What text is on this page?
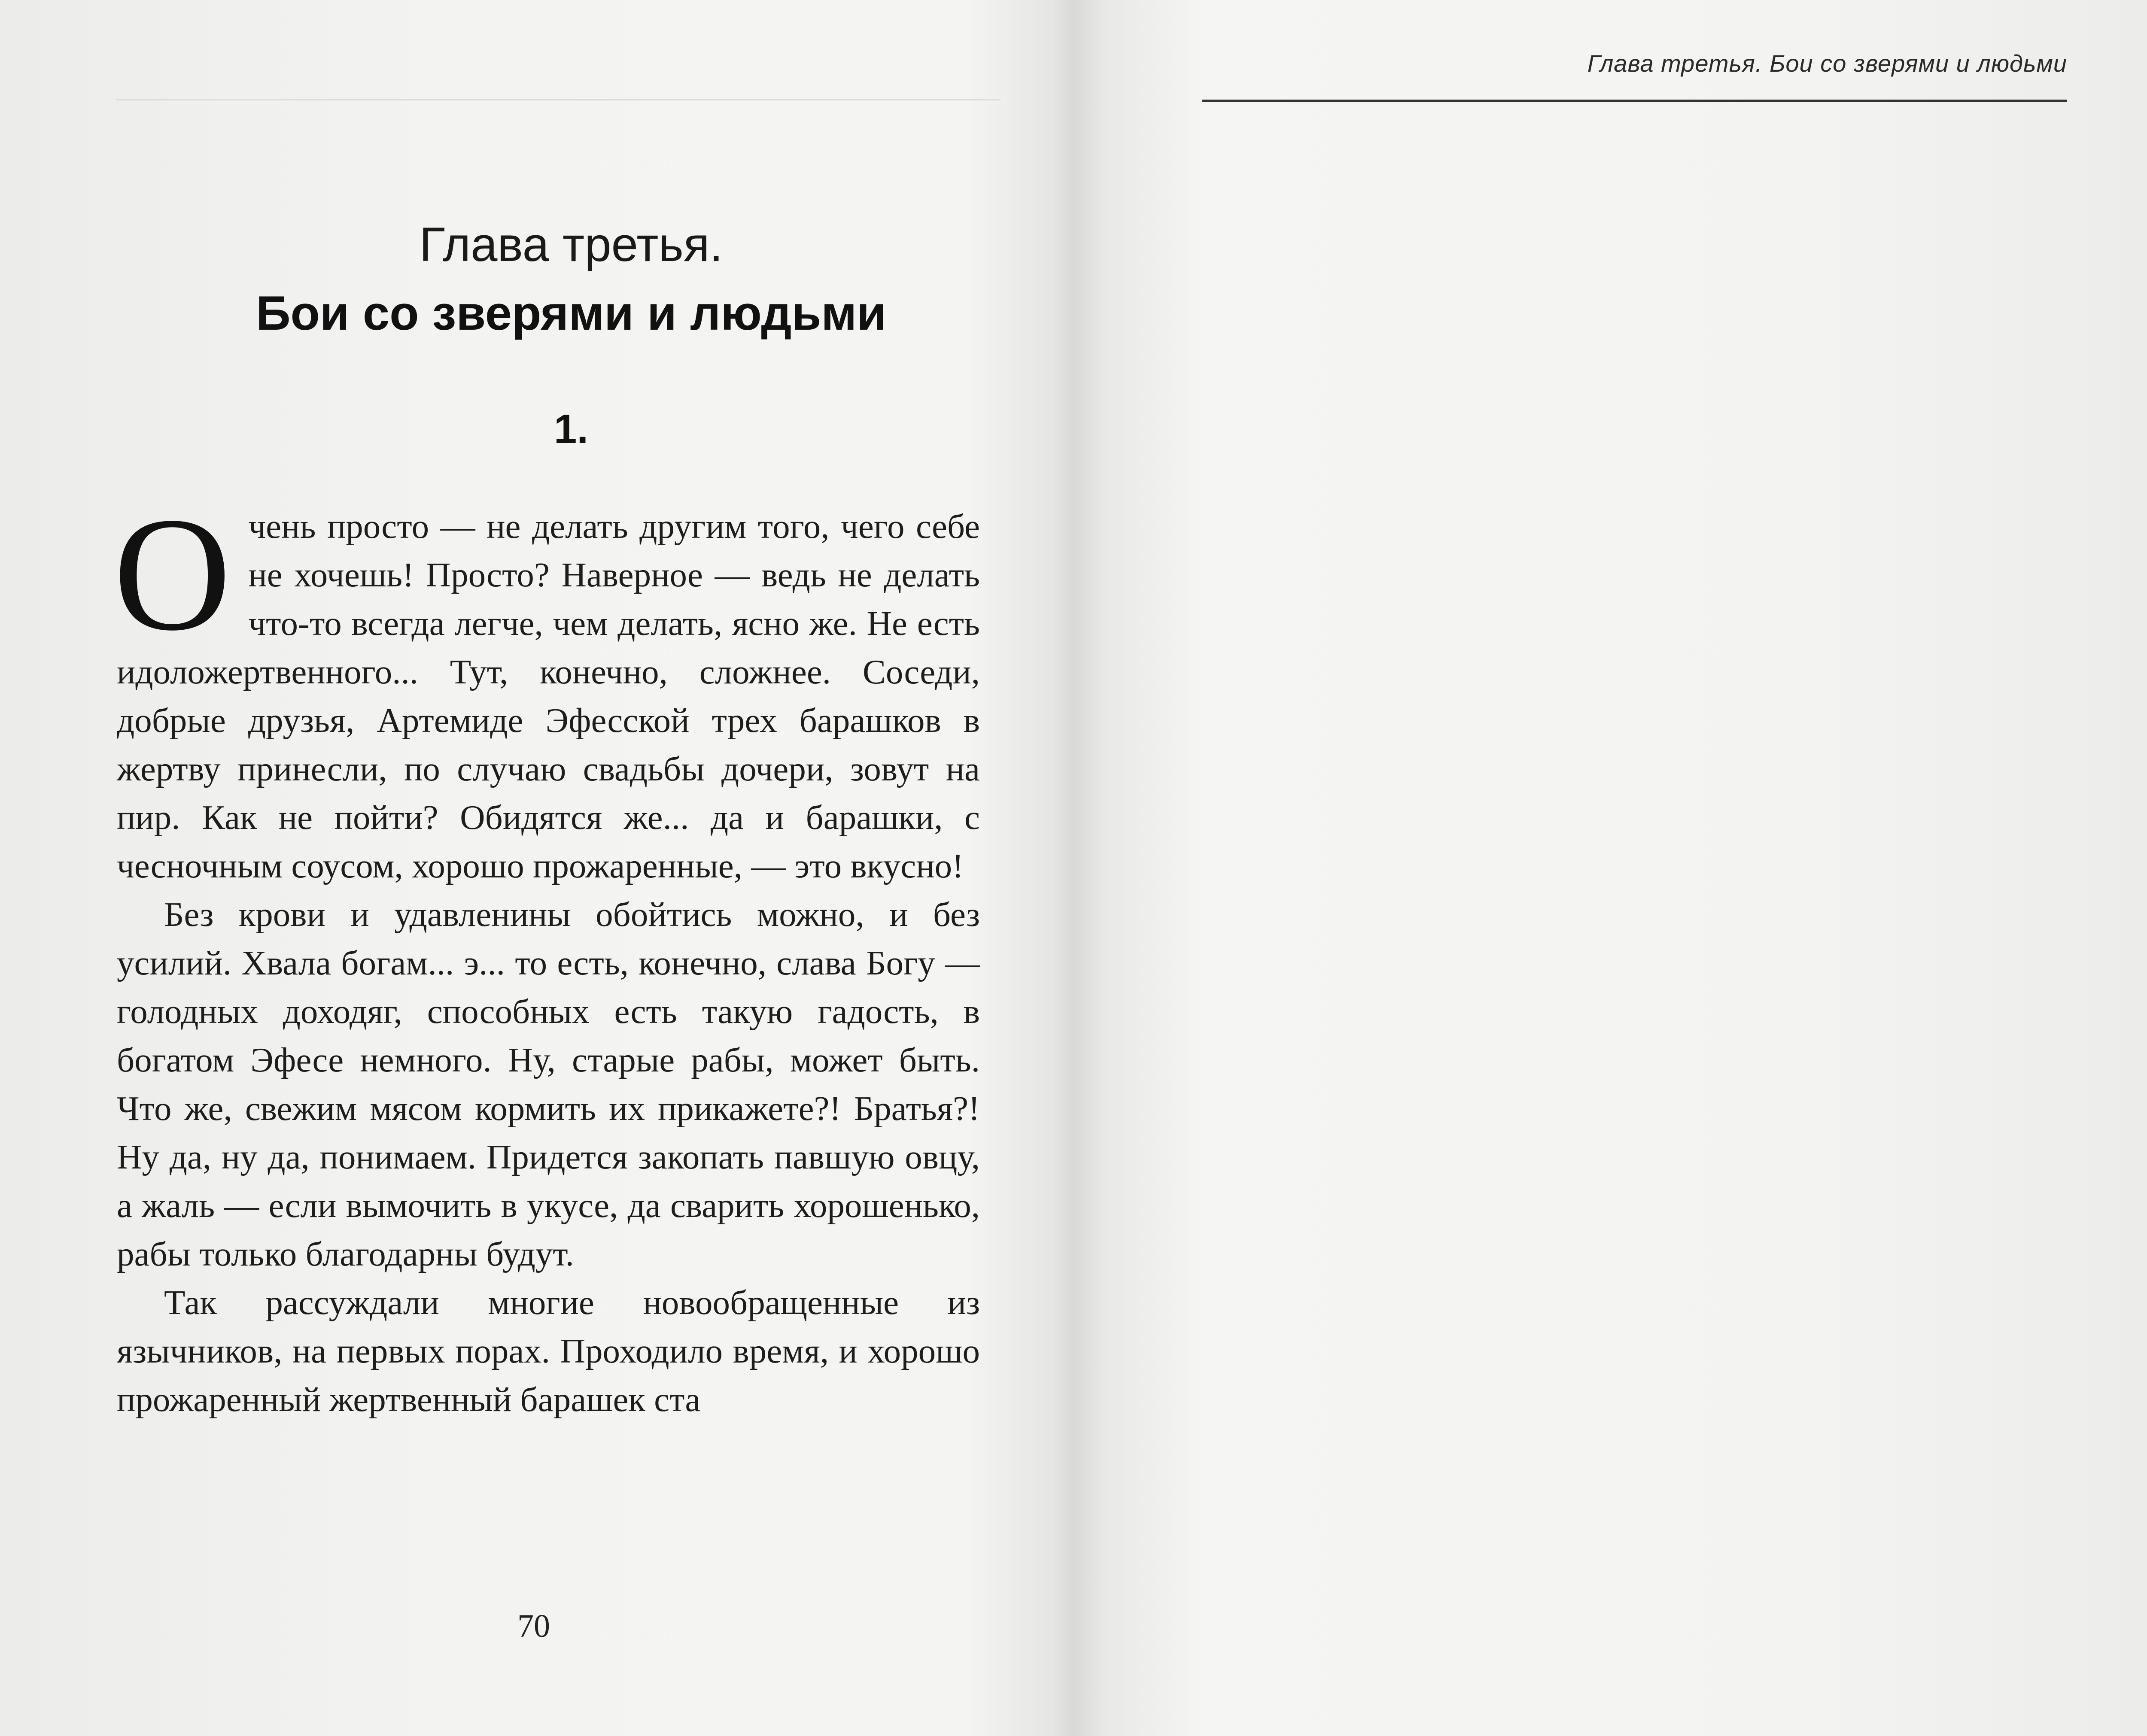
Глава третья.
Бои со зверями и людьми
1.

Очень просто — не делать другим того, чего себе не хочешь! Просто? Наверное — ведь не делать что-то всегда легче, чем делать, ясно же. Не есть идоложертвенного... Тут, конечно, сложнее. Соседи, добрые друзья, Артемиде Эфесской трех барашков в жертву принесли, по случаю свадьбы дочери, зовут на пир. Как не пойти? Обидятся же... да и барашки, с чесночным соусом, хорошо прожаренные, — это вкусно!

Без крови и удавленины обойтись можно, и без усилий. Хвала богам... э... то есть, конечно, слава Богу — голодных доходяг, способных есть такую гадость, в богатом Эфесе немного. Ну, старые рабы, может быть. Что же, свежим мясом кормить их прикажете?! Братья?! Ну да, ну да, понимаем. Придется закопать павшую овцу, а жаль — если вымочить в укусе, да сварить хорошенько, рабы только благодарны будут.

Так рассуждали многие новообращенные из язычников, на первых порах. Проходило время, и хорошо прожаренный жертвенный барашек ста

70
Глава третья. Бои со зверями и людьми
